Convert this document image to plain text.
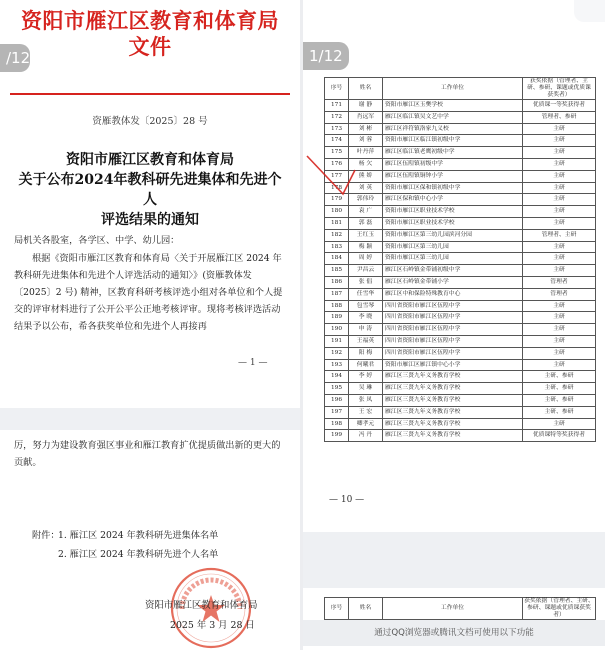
资阳市雁江区教育和体育局文件
资雁教体发〔2025〕28 号
资阳市雁江区教育和体育局
关于公布2024年教科研先进集体和先进个人
评选结果的通知
局机关各股室，各学区、中学、幼儿园：
根据《资阳市雁江区教育和体育局〈关于开展雁江区 2024 年教科研先进集体和先进个人评选活动的通知〉》(资雁教体发〔2025〕2 号) 精神，区教育科研考核评选小组对各单位和个人提交的评审材料进行了公开公平公正地考核评审。现将考核评选活动结果予以公布，希各获奖单位和先进个人再接再
— 1 —
/12
厉，努力为建设教育强区事业和雁江教育扩优提质做出新的更大的贡献。
附件：
1. 雁江区 2024 年教科研先进集体名单
2. 雁江区 2024 年教科研先进个人名单
资阳市雁江区教育和体育局
2025 年 3 月 28 日
1/12
序号	姓名	工作单位	获奖依据（管理者、主研、参研、课题或优质课获奖者）
171	谢 静	资阳市雁江区玉樊学校	优质课一等奖获得者
172	肖远军	雁江区临江镇吴文艺中学	管理者、参研
173	刘 彬	雁江区祥符镇洛家九义校	主研
174	刘 蓉	资阳市雁江区临江镇初级中学	主研
175	叶丹萍	雁江区临江镇老鹰初级中学	主研
176	杨 欠	雁江区伍隍镇初级中学	主研
177	熊 娇	雁江区伍隍镇铜钟小学	主研
178	刘 英	资阳市雁江区保和镇初级中学	主研
179	郭伟玲	雁江区保和镇中心小学	主研
180	袁 广	资阳市雁江区职业技术学校	主研
181	郭 磊	资阳市雁江区职业技术学校	主研
182	王红玉	资阳市雁江区第三幼儿园滨河分园	管理者、主研
183	梅 颖	资阳市雁江区第三幼儿园	主研
184	周 婷	资阳市雁江区第三幼儿园	主研
185	尹昌云	雁江区石岭镇金带铺初级中学	主研
186	张 倡	雁江区石岭镇金带铺小学	管理者
187	任雪华	雁江区中和保险特殊教育中心	管理者
188	包雪琴	四川省资阳市雁江区伍隍中学	主研
189	李 晓	四川省资阳市雁江区伍隍中学	主研
190	申 涛	四川省资阳市雁江区伍隍中学	主研
191	王福英	四川省资阳市雁江区伍隍中学	主研
192	阳 梅	四川省资阳市雁江区伍隍中学	主研
193	何曦君	资阳市雁江区雁江镇中心小学	主研
194	李 婷	雁江区三贤九年义务教育学校	主研、参研
195	吴 琳	雁江区三贤九年义务教育学校	主研、参研
196	张 凤	雁江区三贤九年义务教育学校	主研、参研
197	王 宏	雁江区三贤九年义务教育学校	主研、参研
198	卿孝元	雁江区三贤九年义务教育学校	主研
199	冯 丹	雁江区三贤九年义务教育学校	优质课特等奖获得者
— 10 —
序号	姓名	工作单位	获奖依据（管理者、主研、参研、课题或优质课获奖者）
通过QQ浏览器或腾讯文档可使用以下功能
